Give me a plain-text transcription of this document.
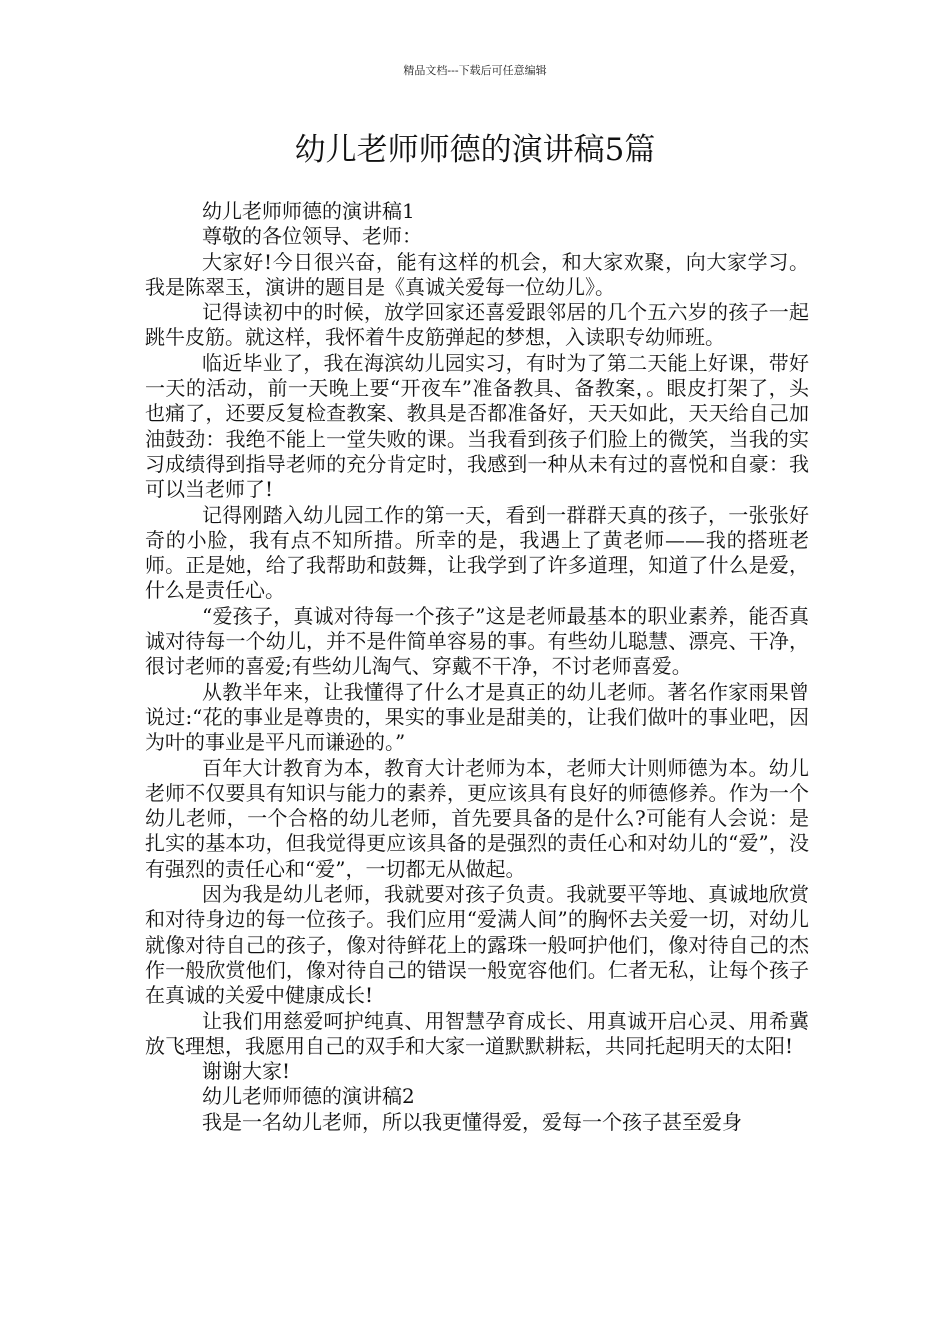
精品文档---下载后可任意编辑
幼儿老师师德的演讲稿5篇

幼儿老师师德的演讲稿1

尊敬的各位领导、老师：

大家好!今日很兴奋，能有这样的机会，和大家欢聚，向大家学习。我是陈翠玉，演讲的题目是《真诚关爱每一位幼儿》。

记得读初中的时候，放学回家还喜爱跟邻居的几个五六岁的孩子一起跳牛皮筋。就这样，我怀着牛皮筋弹起的梦想，入读职专幼师班。

临近毕业了，我在海滨幼儿园实习，有时为了第二天能上好课，带好一天的活动，前一天晚上要“开夜车”准备教具、备教案，。眼皮打架了，头也痛了，还要反复检查教案、教具是否都准备好，天天如此，天天给自己加油鼓劲：我绝不能上一堂失败的课。当我看到孩子们脸上的微笑，当我的实习成绩得到指导老师的充分肯定时，我感到一种从未有过的喜悦和自豪：我可以当老师了!

记得刚踏入幼儿园工作的第一天，看到一群群天真的孩子，一张张好奇的小脸，我有点不知所措。所幸的是，我遇上了黄老师——我的搭班老师。正是她，给了我帮助和鼓舞，让我学到了许多道理，知道了什么是爱，什么是责任心。

“爱孩子，真诚对待每一个孩子”这是老师最基本的职业素养，能否真诚对待每一个幼儿，并不是件简单容易的事。有些幼儿聪慧、漂亮、干净，很讨老师的喜爱;有些幼儿淘气、穿戴不干净，不讨老师喜爱。

从教半年来，让我懂得了什么才是真正的幼儿老师。著名作家雨果曾说过:“花的事业是尊贵的，果实的事业是甜美的，让我们做叶的事业吧，因为叶的事业是平凡而谦逊的。”

百年大计教育为本，教育大计老师为本，老师大计则师德为本。幼儿老师不仅要具有知识与能力的素养，更应该具有良好的师德修养。作为一个幼儿老师，一个合格的幼儿老师，首先要具备的是什么?可能有人会说：是扎实的基本功，但我觉得更应该具备的是强烈的责任心和对幼儿的“爱”，没有强烈的责任心和“爱”，一切都无从做起。

因为我是幼儿老师，我就要对孩子负责。我就要平等地、真诚地欣赏和对待身边的每一位孩子。我们应用“爱满人间”的胸怀去关爱一切，对幼儿就像对待自己的孩子，像对待鲜花上的露珠一般呵护他们，像对待自己的杰作一般欣赏他们，像对待自己的错误一般宽容他们。仁者无私，让每个孩子在真诚的关爱中健康成长!

让我们用慈爱呵护纯真、用智慧孕育成长、用真诚开启心灵、用希冀放飞理想，我愿用自己的双手和大家一道默默耕耘，共同托起明天的太阳!

谢谢大家!

幼儿老师师德的演讲稿2

我是一名幼儿老师，所以我更懂得爱，爱每一个孩子甚至爱身
